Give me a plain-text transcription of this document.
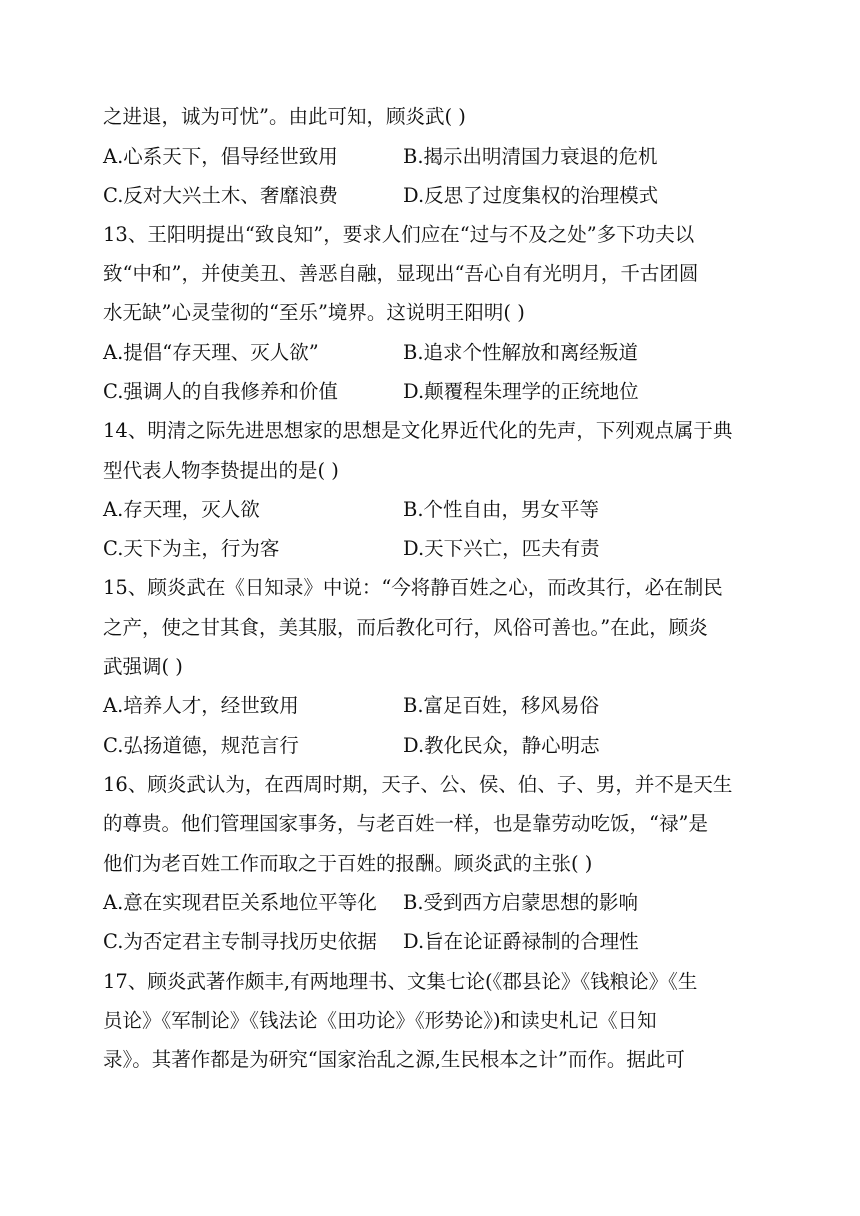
之进退，诚为可忧”。由此可知，顾炎武( )
A.心系天下，倡导经世致用	B.揭示出明清国力衰退的危机
C.反对大兴土木、奢靡浪费	D.反思了过度集权的治理模式
13、王阳明提出“致良知”，要求人们应在“过与不及之处”多下功夫以
致“中和”，并使美丑、善恶自融，显现出“吾心自有光明月，千古团圆
水无缺”心灵莹彻的“至乐”境界。这说明王阳明( )
A.提倡“存天理、灭人欲”	B.追求个性解放和离经叛道
C.强调人的自我修养和价值	D.颠覆程朱理学的正统地位
14、明清之际先进思想家的思想是文化界近代化的先声，下列观点属于典
型代表人物李贽提出的是( )
A.存天理，灭人欲	B.个性自由，男女平等
C.天下为主，行为客	D.天下兴亡，匹夫有责
15、顾炎武在《日知录》中说：“今将静百姓之心，而改其行，必在制民
之产，使之甘其食，美其服，而后教化可行，风俗可善也。”在此，顾炎
武强调( )
A.培养人才，经世致用	B.富足百姓，移风易俗
C.弘扬道德，规范言行	D.教化民众，静心明志
16、顾炎武认为，在西周时期，天子、公、侯、伯、子、男，并不是天生
的尊贵。他们管理国家事务，与老百姓一样，也是靠劳动吃饭，“禄”是
他们为老百姓工作而取之于百姓的报酬。顾炎武的主张( )
A.意在实现君臣关系地位平等化 B.受到西方启蒙思想的影响
C.为否定君主专制寻找历史依据 D.旨在论证爵禄制的合理性
17、顾炎武著作颇丰,有两地理书、文集七论(《郡县论》《钱粮论》《生
员论》《军制论》《钱法论《田功论》《形势论》)和读史札记《日知
录》。其著作都是为研究“国家治乱之源,生民根本之计”而作。据此可
